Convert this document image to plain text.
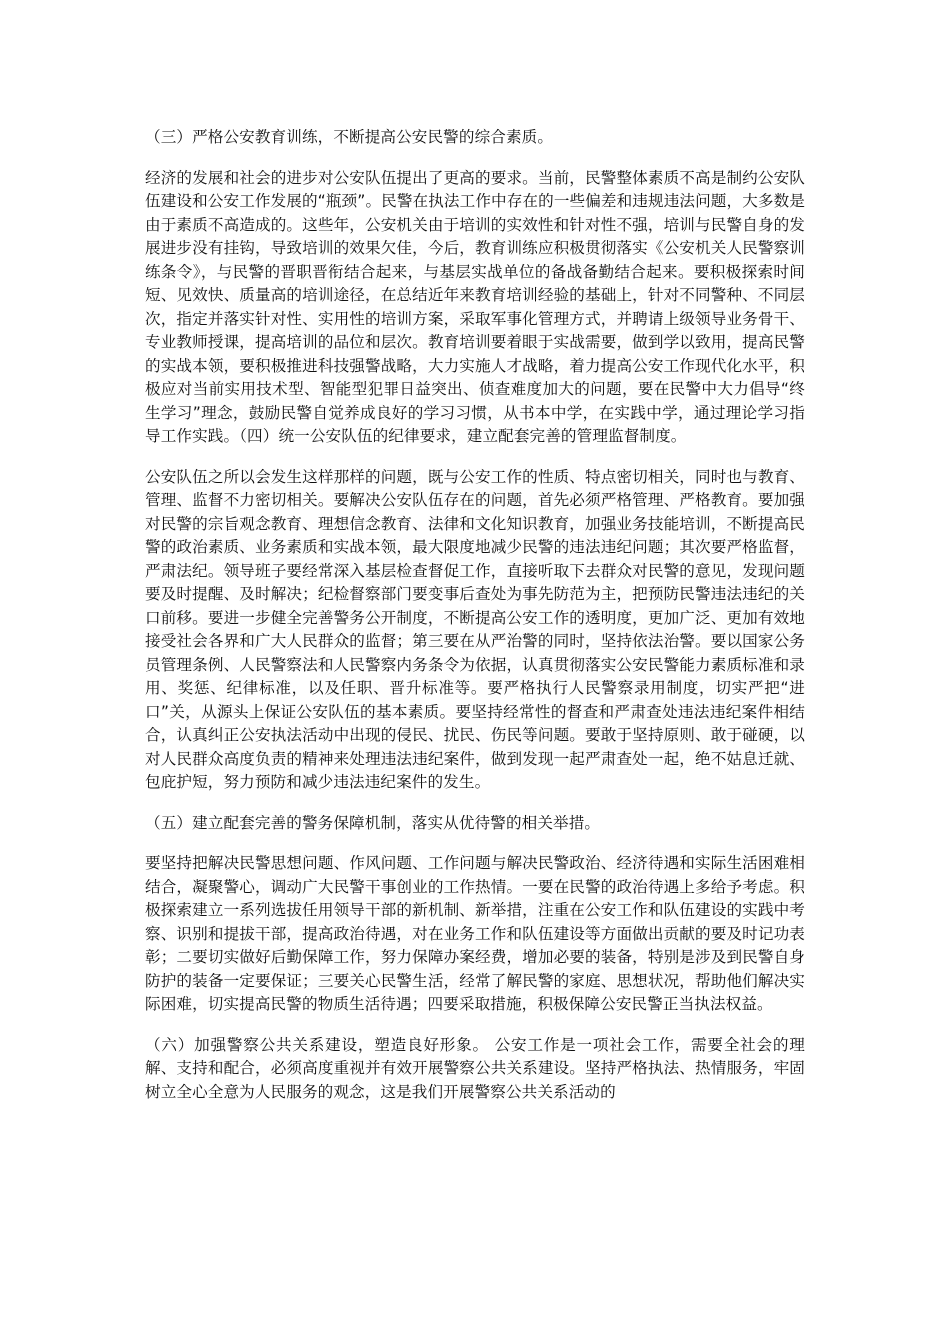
（三）严格公安教育训练，不断提高公安民警的综合素质。

经济的发展和社会的进步对公安队伍提出了更高的要求。当前，民警整体素质不高是制约公安队伍建设和公安工作发展的“瓶颈”。民警在执法工作中存在的一些偏差和违规违法问题，大多数是由于素质不高造成的。这些年，公安机关由于培训的实效性和针对性不强，培训与民警自身的发展进步没有挂钩，导致培训的效果欠佳，今后，教育训练应积极贯彻落实《公安机关人民警察训练条令》，与民警的晋职晋衔结合起来，与基层实战单位的备战备勤结合起来。要积极探索时间短、见效快、质量高的培训途径，在总结近年来教育培训经验的基础上，针对不同警种、不同层次，指定并落实针对性、实用性的培训方案，采取军事化管理方式，并聘请上级领导业务骨干、专业教师授课，提高培训的品位和层次。教育培训要着眼于实战需要，做到学以致用，提高民警的实战本领，要积极推进科技强警战略，大力实施人才战略，着力提高公安工作现代化水平，积极应对当前实用技术型、智能型犯罪日益突出、侦查难度加大的问题，要在民警中大力倡导“终生学习”理念，鼓励民警自觉养成良好的学习习惯，从书本中学，在实践中学，通过理论学习指导工作实践。（四）统一公安队伍的纪律要求，建立配套完善的管理监督制度。

公安队伍之所以会发生这样那样的问题，既与公安工作的性质、特点密切相关，同时也与教育、管理、监督不力密切相关。要解决公安队伍存在的问题，首先必须严格管理、严格教育。要加强对民警的宗旨观念教育、理想信念教育、法律和文化知识教育，加强业务技能培训，不断提高民警的政治素质、业务素质和实战本领，最大限度地减少民警的违法违纪问题；其次要严格监督，严肃法纪。领导班子要经常深入基层检查督促工作，直接听取下去群众对民警的意见，发现问题要及时提醒、及时解决；纪检督察部门要变事后查处为事先防范为主，把预防民警违法违纪的关口前移。要进一步健全完善警务公开制度，不断提高公安工作的透明度，更加广泛、更加有效地接受社会各界和广大人民群众的监督；第三要在从严治警的同时，坚持依法治警。要以国家公务员管理条例、人民警察法和人民警察内务条令为依据，认真贯彻落实公安民警能力素质标准和录用、奖惩、纪律标准，以及任职、晋升标准等。要严格执行人民警察录用制度，切实严把“进口”关，从源头上保证公安队伍的基本素质。要坚持经常性的督查和严肃查处违法违纪案件相结合，认真纠正公安执法活动中出现的侵民、扰民、伤民等问题。要敢于坚持原则、敢于碰硬，以对人民群众高度负责的精神来处理违法违纪案件，做到发现一起严肃查处一起，绝不姑息迁就、包庇护短，努力预防和减少违法违纪案件的发生。

（五）建立配套完善的警务保障机制，落实从优待警的相关举措。

要坚持把解决民警思想问题、作风问题、工作问题与解决民警政治、经济待遇和实际生活困难相结合，凝聚警心，调动广大民警干事创业的工作热情。一要在民警的政治待遇上多给予考虑。积极探索建立一系列选拔任用领导干部的新机制、新举措，注重在公安工作和队伍建设的实践中考察、识别和提拔干部，提高政治待遇，对在业务工作和队伍建设等方面做出贡献的要及时记功表彰；二要切实做好后勤保障工作，努力保障办案经费，增加必要的装备，特别是涉及到民警自身防护的装备一定要保证；三要关心民警生活，经常了解民警的家庭、思想状况，帮助他们解决实际困难，切实提高民警的物质生活待遇；四要采取措施，积极保障公安民警正当执法权益。

（六）加强警察公共关系建设，塑造良好形象。 公安工作是一项社会工作，需要全社会的理解、支持和配合，必须高度重视并有效开展警察公共关系建设。坚持严格执法、热情服务，牢固树立全心全意为人民服务的观念，这是我们开展警察公共关系活动的
